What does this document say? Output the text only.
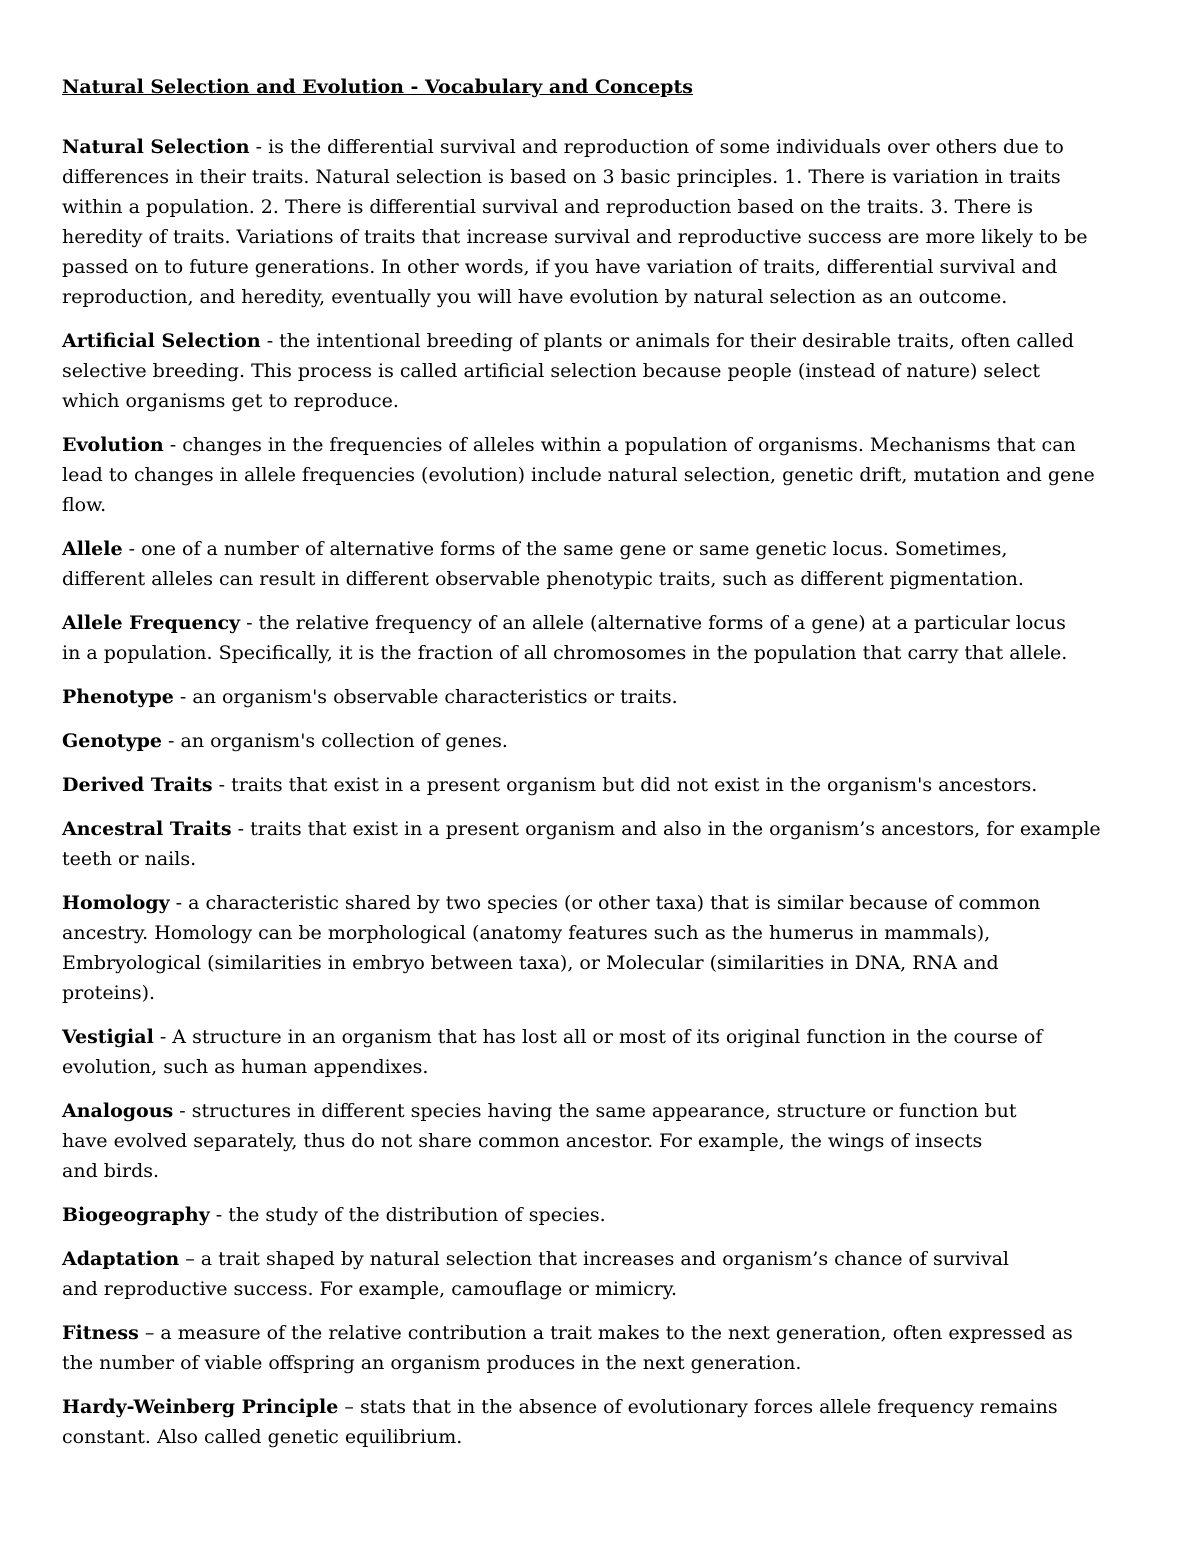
Natural Selection and Evolution - Vocabulary and Concepts
Natural Selection - is the differential survival and reproduction of some individuals over others due to
differences in their traits. Natural selection is based on 3 basic principles. 1. There is variation in traits
within a population. 2. There is differential survival and reproduction based on the traits. 3. There is
heredity of traits. Variations of traits that increase survival and reproductive success are more likely to be
passed on to future generations. In other words, if you have variation of traits, differential survival and
reproduction, and heredity, eventually you will have evolution by natural selection as an outcome.
Artificial Selection - the intentional breeding of plants or animals for their desirable traits, often called
selective breeding. This process is called artificial selection because people (instead of nature) select
which organisms get to reproduce.
Evolution - changes in the frequencies of alleles within a population of organisms. Mechanisms that can
lead to changes in allele frequencies (evolution) include natural selection, genetic drift, mutation and gene
flow.
Allele - one of a number of alternative forms of the same gene or same genetic locus. Sometimes,
different alleles can result in different observable phenotypic traits, such as different pigmentation.
Allele Frequency - the relative frequency of an allele (alternative forms of a gene) at a particular locus
in a population. Specifically, it is the fraction of all chromosomes in the population that carry that allele.
Phenotype - an organism's observable characteristics or traits.
Genotype - an organism's collection of genes.
Derived Traits - traits that exist in a present organism but did not exist in the organism's ancestors.
Ancestral Traits - traits that exist in a present organism and also in the organism’s ancestors, for example
teeth or nails.
Homology - a characteristic shared by two species (or other taxa) that is similar because of common
ancestry. Homology can be morphological (anatomy features such as the humerus in mammals),
Embryological (similarities in embryo between taxa), or Molecular (similarities in DNA, RNA and
proteins).
Vestigial - A structure in an organism that has lost all or most of its original function in the course of
evolution, such as human appendixes.
Analogous - structures in different species having the same appearance, structure or function but
have evolved separately, thus do not share common ancestor. For example, the wings of insects
and birds.
Biogeography - the study of the distribution of species.
Adaptation – a trait shaped by natural selection that increases and organism’s chance of survival
and reproductive success. For example, camouflage or mimicry.
Fitness – a measure of the relative contribution a trait makes to the next generation, often expressed as
the number of viable offspring an organism produces in the next generation.
Hardy-Weinberg Principle – stats that in the absence of evolutionary forces allele frequency remains
constant. Also called genetic equilibrium.
